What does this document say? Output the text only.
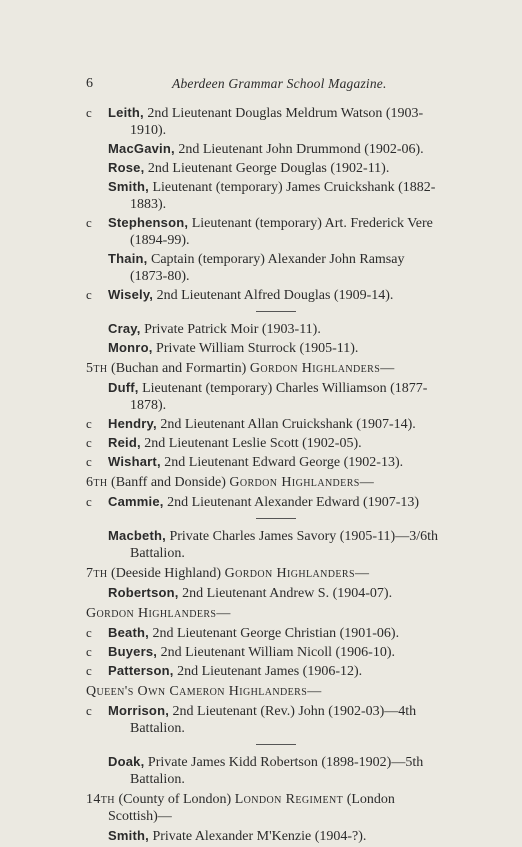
6	Aberdeen Grammar School Magazine.
c	Leith, 2nd Lieutenant Douglas Meldrum Watson (1903-
1910).
MacGavin, 2nd Lieutenant John Drummond (1902-06).
Rose, 2nd Lieutenant George Douglas (1902-11).
Smith, Lieutenant (temporary) James Cruickshank (1882-
1883).
c	Stephenson, Lieutenant (temporary) Art. Frederick Vere
(1894-99).
Thain, Captain (temporary) Alexander John Ramsay
(1873-80).
c	Wisely, 2nd Lieutenant Alfred Douglas (1909-14).
Cray, Private Patrick Moir (1903-11).
Monro, Private William Sturrock (1905-11).
5th (Buchan and Formartin) Gordon Highlanders—
Duff, Lieutenant (temporary) Charles Williamson (1877-
1878).
c	Hendry, 2nd Lieutenant Allan Cruickshank (1907-14).
c	Reid, 2nd Lieutenant Leslie Scott (1902-05).
c	Wishart, 2nd Lieutenant Edward George (1902-13).
6th (Banff and Donside) Gordon Highlanders—
c	Cammie, 2nd Lieutenant Alexander Edward (1907-13)
Macbeth, Private Charles James Savory (1905-11)—3/6th
Battalion.
7th (Deeside Highland) Gordon Highlanders—
Robertson, 2nd Lieutenant Andrew S. (1904-07).
Gordon Highlanders—
c	Beath, 2nd Lieutenant George Christian (1901-06).
c	Buyers, 2nd Lieutenant William Nicoll (1906-10).
c	Patterson, 2nd Lieutenant James (1906-12).
Queen's Own Cameron Highlanders—
c	Morrison, 2nd Lieutenant (Rev.) John (1902-03)—4th
Battalion.
Doak, Private James Kidd Robertson (1898-1902)—5th
Battalion.
14th (County of London) London Regiment (London
Scottish)—
Smith, Private Alexander M'Kenzie (1904-?).
